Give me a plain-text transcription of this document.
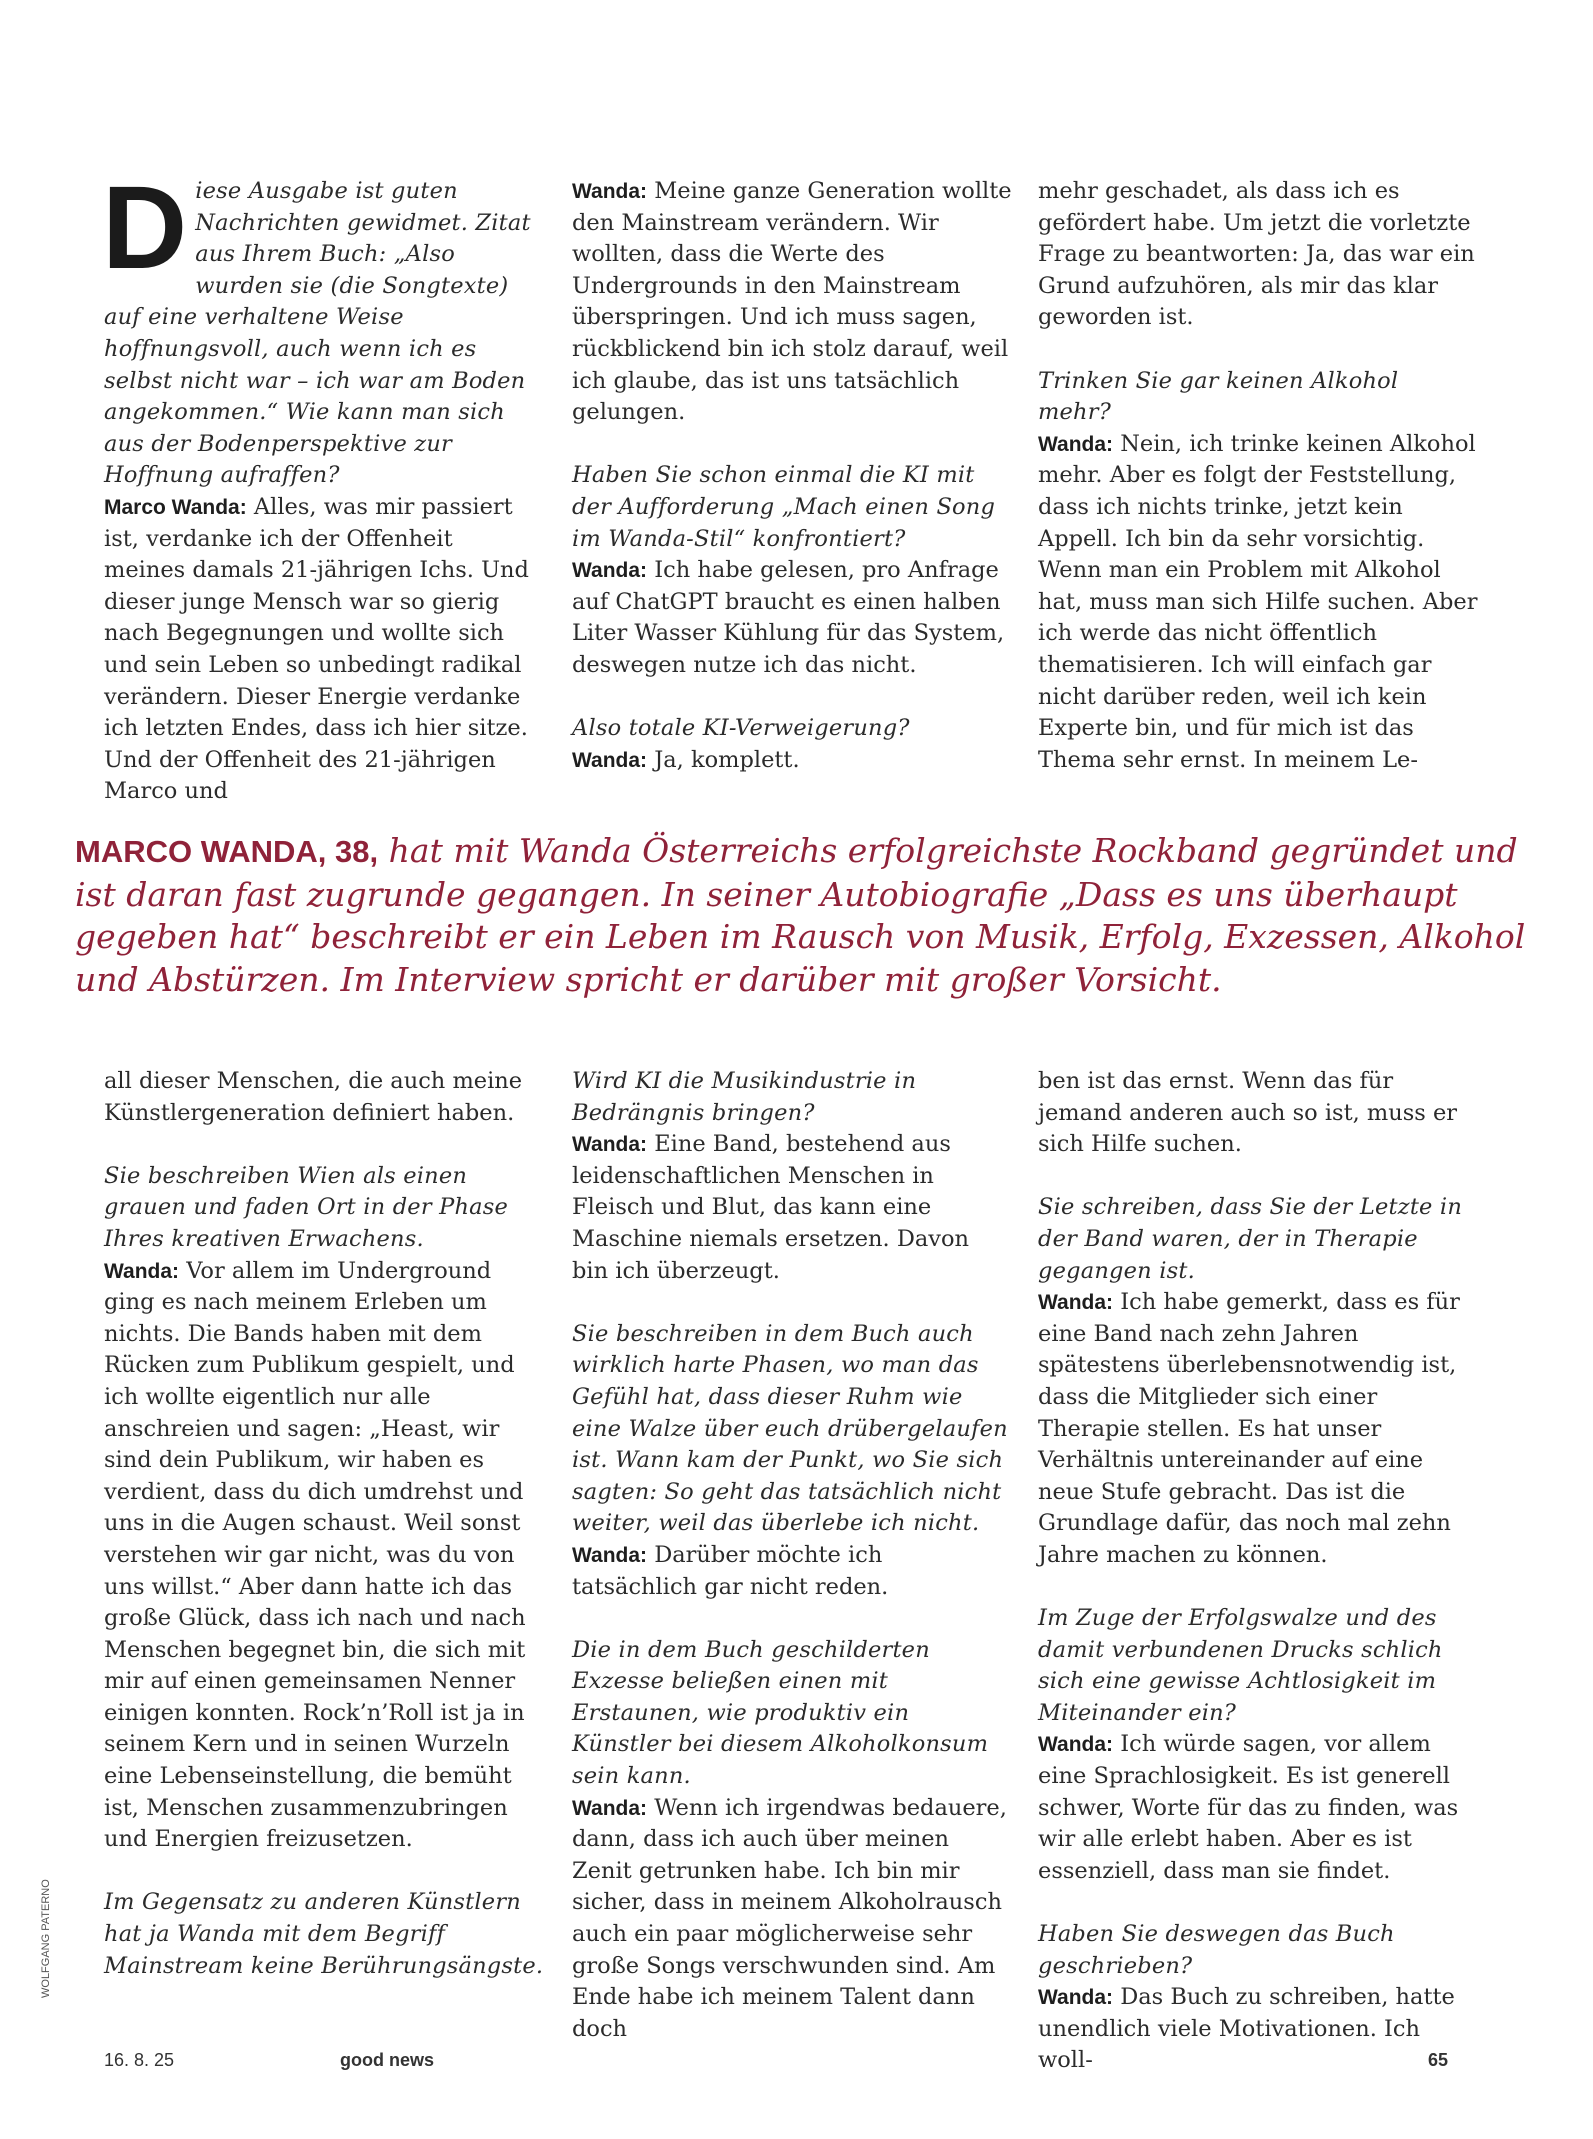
D iese Ausgabe ist guten Nachrichten gewidmet. Zitat aus Ihrem Buch: „Also wurden sie (die Songtexte) auf eine verhaltene Weise hoffnungsvoll, auch wenn ich es selbst nicht war – ich war am Boden angekommen.“ Wie kann man sich aus der Bodenperspektive zur Hoffnung aufraffen?

Marco Wanda: Alles, was mir passiert ist, verdanke ich der Offenheit meines damals 21-jährigen Ichs. Und dieser junge Mensch war so gierig nach Begegnungen und wollte sich und sein Leben so unbedingt radikal verändern. Dieser Energie verdanke ich letzten Endes, dass ich hier sitze. Und der Offenheit des 21-jährigen Marco und

Wanda: Meine ganze Generation wollte den Mainstream verändern. Wir wollten, dass die Werte des Undergrounds in den Mainstream überspringen. Und ich muss sagen, rückblickend bin ich stolz darauf, weil ich glaube, das ist uns tatsächlich gelungen.

Haben Sie schon einmal die KI mit der Aufforderung „Mach einen Song im Wanda-Stil“ konfrontiert?

Wanda: Ich habe gelesen, pro Anfrage auf ChatGPT braucht es einen halben Liter Wasser Kühlung für das System, deswegen nutze ich das nicht.

Also totale KI-Verweigerung?

Wanda: Ja, komplett.

mehr geschadet, als dass ich es gefördert habe. Um jetzt die vorletzte Frage zu beantworten: Ja, das war ein Grund aufzuhören, als mir das klar geworden ist.

Trinken Sie gar keinen Alkohol mehr?

Wanda: Nein, ich trinke keinen Alkohol mehr. Aber es folgt der Feststellung, dass ich nichts trinke, jetzt kein Appell. Ich bin da sehr vorsichtig. Wenn man ein Problem mit Alkohol hat, muss man sich Hilfe suchen. Aber ich werde das nicht öffentlich thematisieren. Ich will einfach gar nicht darüber reden, weil ich kein Experte bin, und für mich ist das Thema sehr ernst. In meinem Le-

MARCO WANDA, 38, hat mit Wanda Österreichs erfolgreichste Rockband gegründet und ist daran fast zugrunde gegangen. In seiner Autobiografie „Dass es uns überhaupt gegeben hat“ beschreibt er ein Leben im Rausch von Musik, Erfolg, Exzessen, Alkohol und Abstürzen. Im Interview spricht er darüber mit großer Vorsicht.

all dieser Menschen, die auch meine Künstlergeneration definiert haben.

Sie beschreiben Wien als einen grauen und faden Ort in der Phase Ihres kreativen Erwachens.

Wanda: Vor allem im Underground ging es nach meinem Erleben um nichts. Die Bands haben mit dem Rücken zum Publikum gespielt, und ich wollte eigentlich nur alle anschreien und sagen: „Heast, wir sind dein Publikum, wir haben es verdient, dass du dich umdrehst und uns in die Augen schaust. Weil sonst verstehen wir gar nicht, was du von uns willst.“ Aber dann hatte ich das große Glück, dass ich nach und nach Menschen begegnet bin, die sich mit mir auf einen gemeinsamen Nenner einigen konnten. Rock’n’Roll ist ja in seinem Kern und in seinen Wurzeln eine Lebenseinstellung, die bemüht ist, Menschen zusammenzubringen und Energien freizusetzen.

Im Gegensatz zu anderen Künstlern hat ja Wanda mit dem Begriff Mainstream keine Berührungsängste.

Wird KI die Musikindustrie in Bedrängnis bringen?

Wanda: Eine Band, bestehend aus leidenschaftlichen Menschen in Fleisch und Blut, das kann eine Maschine niemals ersetzen. Davon bin ich überzeugt.

Sie beschreiben in dem Buch auch wirklich harte Phasen, wo man das Gefühl hat, dass dieser Ruhm wie eine Walze über euch drübergelaufen ist. Wann kam der Punkt, wo Sie sich sagten: So geht das tatsächlich nicht weiter, weil das überlebe ich nicht.

Wanda: Darüber möchte ich tatsächlich gar nicht reden.

Die in dem Buch geschilderten Exzesse beließen einen mit Erstaunen, wie produktiv ein Künstler bei diesem Alkoholkonsum sein kann.

Wanda: Wenn ich irgendwas bedauere, dann, dass ich auch über meinen Zenit getrunken habe. Ich bin mir sicher, dass in meinem Alkoholrausch auch ein paar möglicherweise sehr große Songs verschwunden sind. Am Ende habe ich meinem Talent dann doch

ben ist das ernst. Wenn das für jemand anderen auch so ist, muss er sich Hilfe suchen.

Sie schreiben, dass Sie der Letzte in der Band waren, der in Therapie gegangen ist.

Wanda: Ich habe gemerkt, dass es für eine Band nach zehn Jahren spätestens überlebensnotwendig ist, dass die Mitglieder sich einer Therapie stellen. Es hat unser Verhältnis untereinander auf eine neue Stufe gebracht. Das ist die Grundlage dafür, das noch mal zehn Jahre machen zu können.

Im Zuge der Erfolgswalze und des damit verbundenen Drucks schlich sich eine gewisse Achtlosigkeit im Miteinander ein?

Wanda: Ich würde sagen, vor allem eine Sprachlosigkeit. Es ist generell schwer, Worte für das zu finden, was wir alle erlebt haben. Aber es ist essenziell, dass man sie findet.

Haben Sie deswegen das Buch geschrieben?

Wanda: Das Buch zu schreiben, hatte unendlich viele Motivationen. Ich woll-

WOLFGANG PATERNO
16. 8. 25	good news	65
